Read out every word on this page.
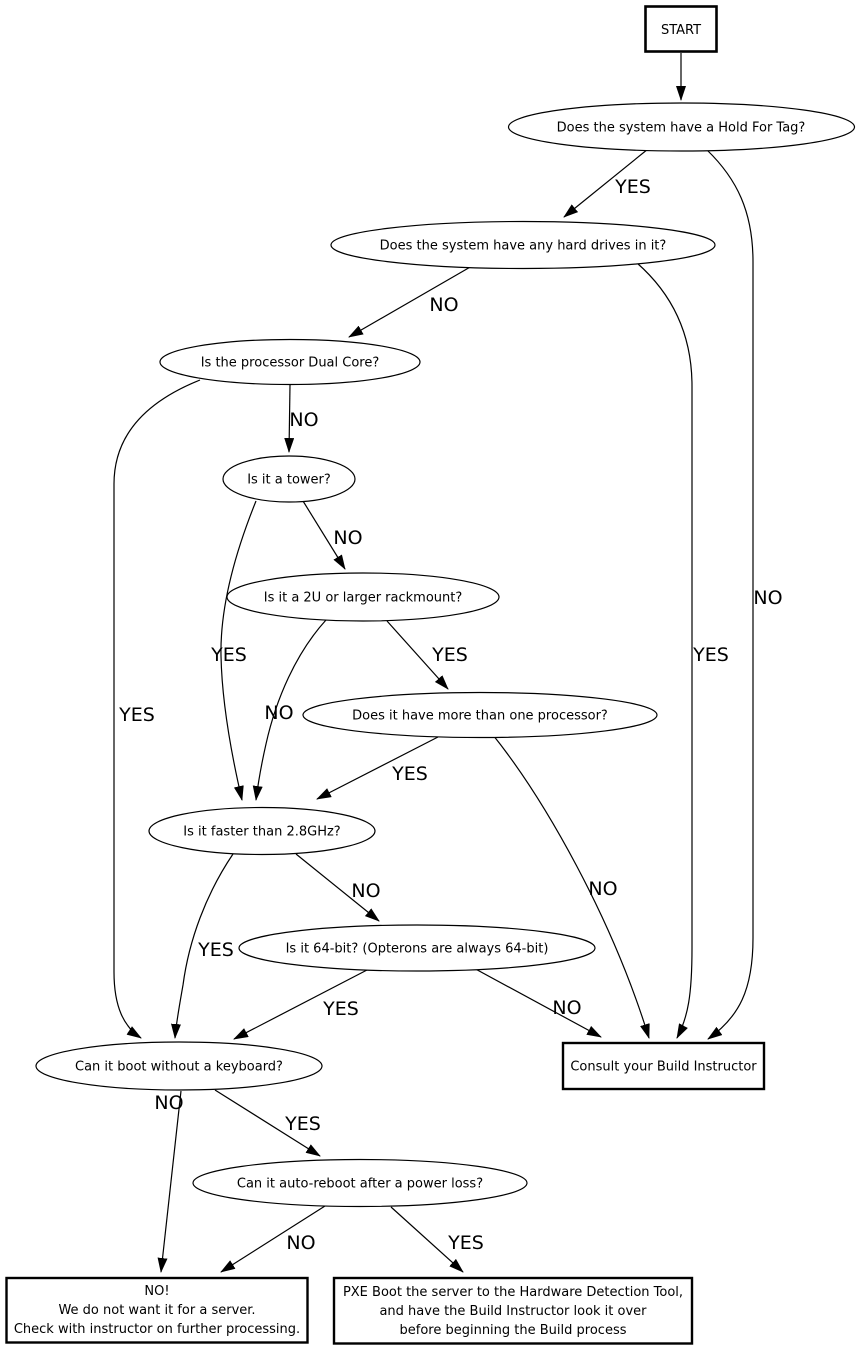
YES
NO
NO
YES
NO
YES
NO
YES	YES
NO
YES
NO
NO
YES
YES	NO
NO
YES
NO	YES
START
Does the system have a Hold For Tag?
Does the system have any hard drives in it?
Is the processor Dual Core?
Is it a tower?
Is it a 2U or larger rackmount?
Does it have more than one processor?
Is it faster than 2.8GHz?
Is it 64-bit? (Opterons are always 64-bit)
Can it boot without a keyboard?	Consult your Build Instructor
Can it auto-reboot after a power loss?
NO!
We do not want it for a server.
Check with instructor on further processing.
PXE Boot the server to the Hardware Detection Tool,
and have the Build Instructor look it over
before beginning the Build process
